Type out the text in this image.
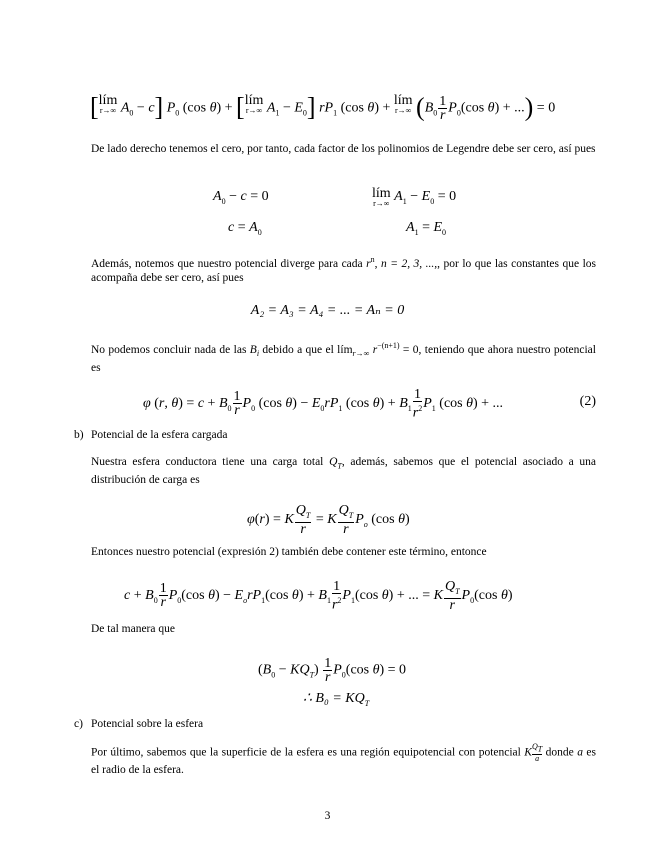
[lím
r→∞ $A_0 - c$] $P_0$ (cos θ) + [lím
r→∞ $A_1 - E_0$] $rP_1$ (cos θ) + lím
r→∞ ($B_0 \frac{1}{r} P_0(\cos$ θ) + ...) = 0
De lado derecho tenemos el cero, por tanto, cada factor de los polinomios de Legendre debe ser cero, así pues
$A_0 - c = 0$	lím
r→∞ $A_1 - E_0 = 0$
$c = A_0$	$A_1 = E_0$
Además, notemos que nuestro potencial diverge para cada $r^n$, n = 2, 3, ...,, por lo que las constantes que los acompaña debe ser cero, así pues
A₂ = A₃ = A₄ = ... = Aₙ = 0
No podemos concluir nada de las $B_i$ debido a que el lím$_{r\to\infty}$ $r^{-(n+1)} = 0$, teniendo que ahora nuestro potencial es
φ (r, $\theta) = c + B_0 \frac{1}{r} P_0$ (cos $\theta) - E_0rP_1$ (cos $\theta) + B_1 \frac{1}{r^2} P_1$ (cos θ) + ...	(2)
b) Potencial de la esfera cargada
Nuestra esfera conductora tiene una carga total $Q_T$, además, sabemos que el potencial asociado a una distribución de carga es
φ(r) = K $\frac{Q_T}{r} = K \frac{Q_T}{r} P_o$ (cos θ)
Entonces nuestro potencial (expresión 2) también debe contener este término, entonce
$c + B_0 \frac{1}{r} P_0(\cos$ $\theta) - E_orP_1(\cos$ $\theta) + B_1 \frac{1}{r^2} P_1(\cos$ θ) + ... = K $\frac{Q_T}{r} P_0(\cos$ θ)
De tal manera que
$(B_0 - KQ_T) \frac{1}{r} P_0(\cos$ θ) = 0
∴ $B_0 = KQ_T$
c) Potencial sobre la esfera
Por último, sabemos que la superficie de la esfera es una región equipotencial con potencial K $\frac{Q_T}{a}$ donde a es el radio de la esfera.
3
